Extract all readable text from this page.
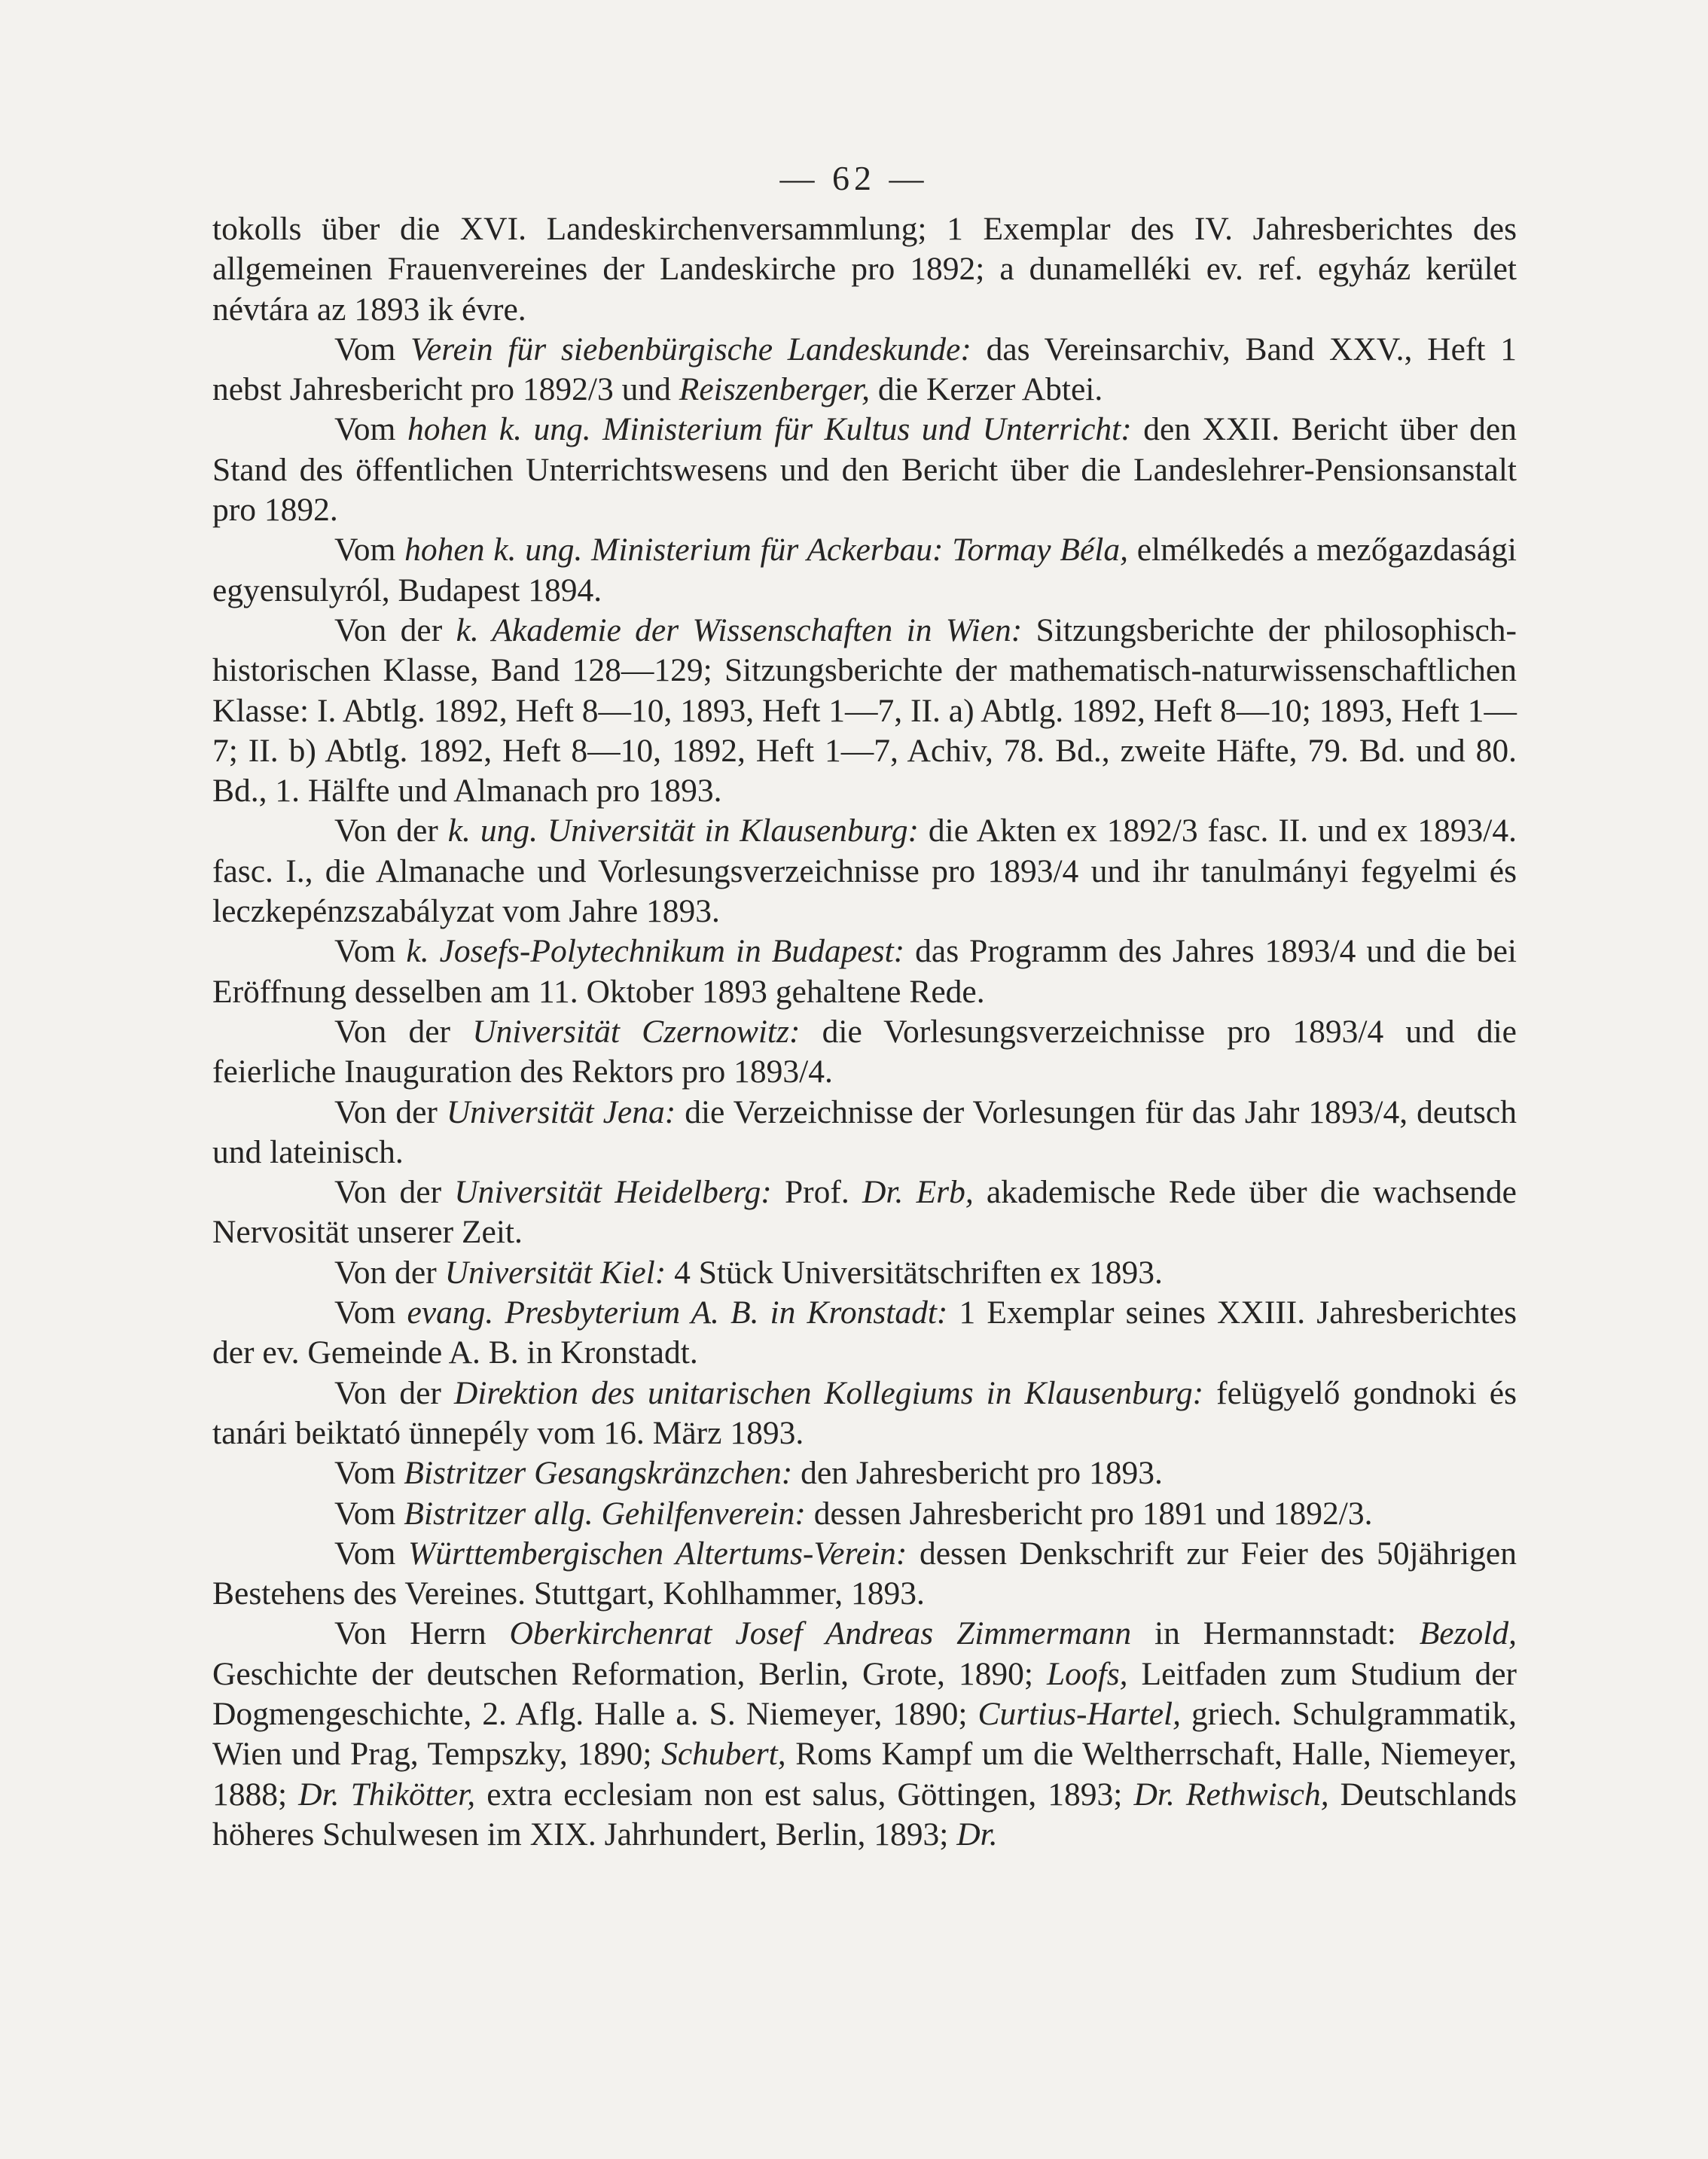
— 62 —

tokolls über die XVI. Landeskirchenversammlung; 1 Exemplar des IV. Jahresberichtes des allgemeinen Frauenvereines der Landeskirche pro 1892; a dunamelléki ev. ref. egyház kerület névtára az 1893 ik évre.

Vom Verein für siebenbürgische Landeskunde: das Vereinsarchiv, Band XXV., Heft 1 nebst Jahresbericht pro 1892/3 und Reiszenberger, die Kerzer Abtei.

Vom hohen k. ung. Ministerium für Kultus und Unterricht: den XXII. Bericht über den Stand des öffentlichen Unterrichtswesens und den Bericht über die Landeslehrer-Pensionsanstalt pro 1892.

Vom hohen k. ung. Ministerium für Ackerbau: Tormay Béla, elmélkedés a mezőgazdasági egyensulyról, Budapest 1894.

Von der k. Akademie der Wissenschaften in Wien: Sitzungsberichte der philosophisch-historischen Klasse, Band 128—129; Sitzungsberichte der mathematisch-naturwissenschaftlichen Klasse: I. Abtlg. 1892, Heft 8—10, 1893, Heft 1—7, II. a) Abtlg. 1892, Heft 8—10; 1893, Heft 1—7; II. b) Abtlg. 1892, Heft 8—10, 1892, Heft 1—7, Achiv, 78. Bd., zweite Häfte, 79. Bd. und 80. Bd., 1. Hälfte und Almanach pro 1893.

Von der k. ung. Universität in Klausenburg: die Akten ex 1892/3 fasc. II. und ex 1893/4. fasc. I., die Almanache und Vorlesungsverzeichnisse pro 1893/4 und ihr tanulmányi fegyelmi és leczkepénzszabályzat vom Jahre 1893.

Vom k. Josefs-Polytechnikum in Budapest: das Programm des Jahres 1893/4 und die bei Eröffnung desselben am 11. Oktober 1893 gehaltene Rede.

Von der Universität Czernowitz: die Vorlesungsverzeichnisse pro 1893/4 und die feierliche Inauguration des Rektors pro 1893/4.

Von der Universität Jena: die Verzeichnisse der Vorlesungen für das Jahr 1893/4, deutsch und lateinisch.

Von der Universität Heidelberg: Prof. Dr. Erb, akademische Rede über die wachsende Nervosität unserer Zeit.

Von der Universität Kiel: 4 Stück Universitätschriften ex 1893.

Vom evang. Presbyterium A. B. in Kronstadt: 1 Exemplar seines XXIII. Jahresberichtes der ev. Gemeinde A. B. in Kronstadt.

Von der Direktion des unitarischen Kollegiums in Klausenburg: felügyelő gondnoki és tanári beiktató ünnepély vom 16. März 1893.

Vom Bistritzer Gesangskränzchen: den Jahresbericht pro 1893.

Vom Bistritzer allg. Gehilfenverein: dessen Jahresbericht pro 1891 und 1892/3.

Vom Württembergischen Altertums-Verein: dessen Denkschrift zur Feier des 50jährigen Bestehens des Vereines. Stuttgart, Kohlhammer, 1893.

Von Herrn Oberkirchenrat Josef Andreas Zimmermann in Hermannstadt: Bezold, Geschichte der deutschen Reformation, Berlin, Grote, 1890; Loofs, Leitfaden zum Studium der Dogmengeschichte, 2. Aflg. Halle a. S. Niemeyer, 1890; Curtius-Hartel, griech. Schulgrammatik, Wien und Prag, Tempszky, 1890; Schubert, Roms Kampf um die Weltherrschaft, Halle, Niemeyer, 1888; Dr. Thikötter, extra ecclesiam non est salus, Göttingen, 1893; Dr. Rethwisch, Deutschlands höheres Schulwesen im XIX. Jahrhundert, Berlin, 1893; Dr.
